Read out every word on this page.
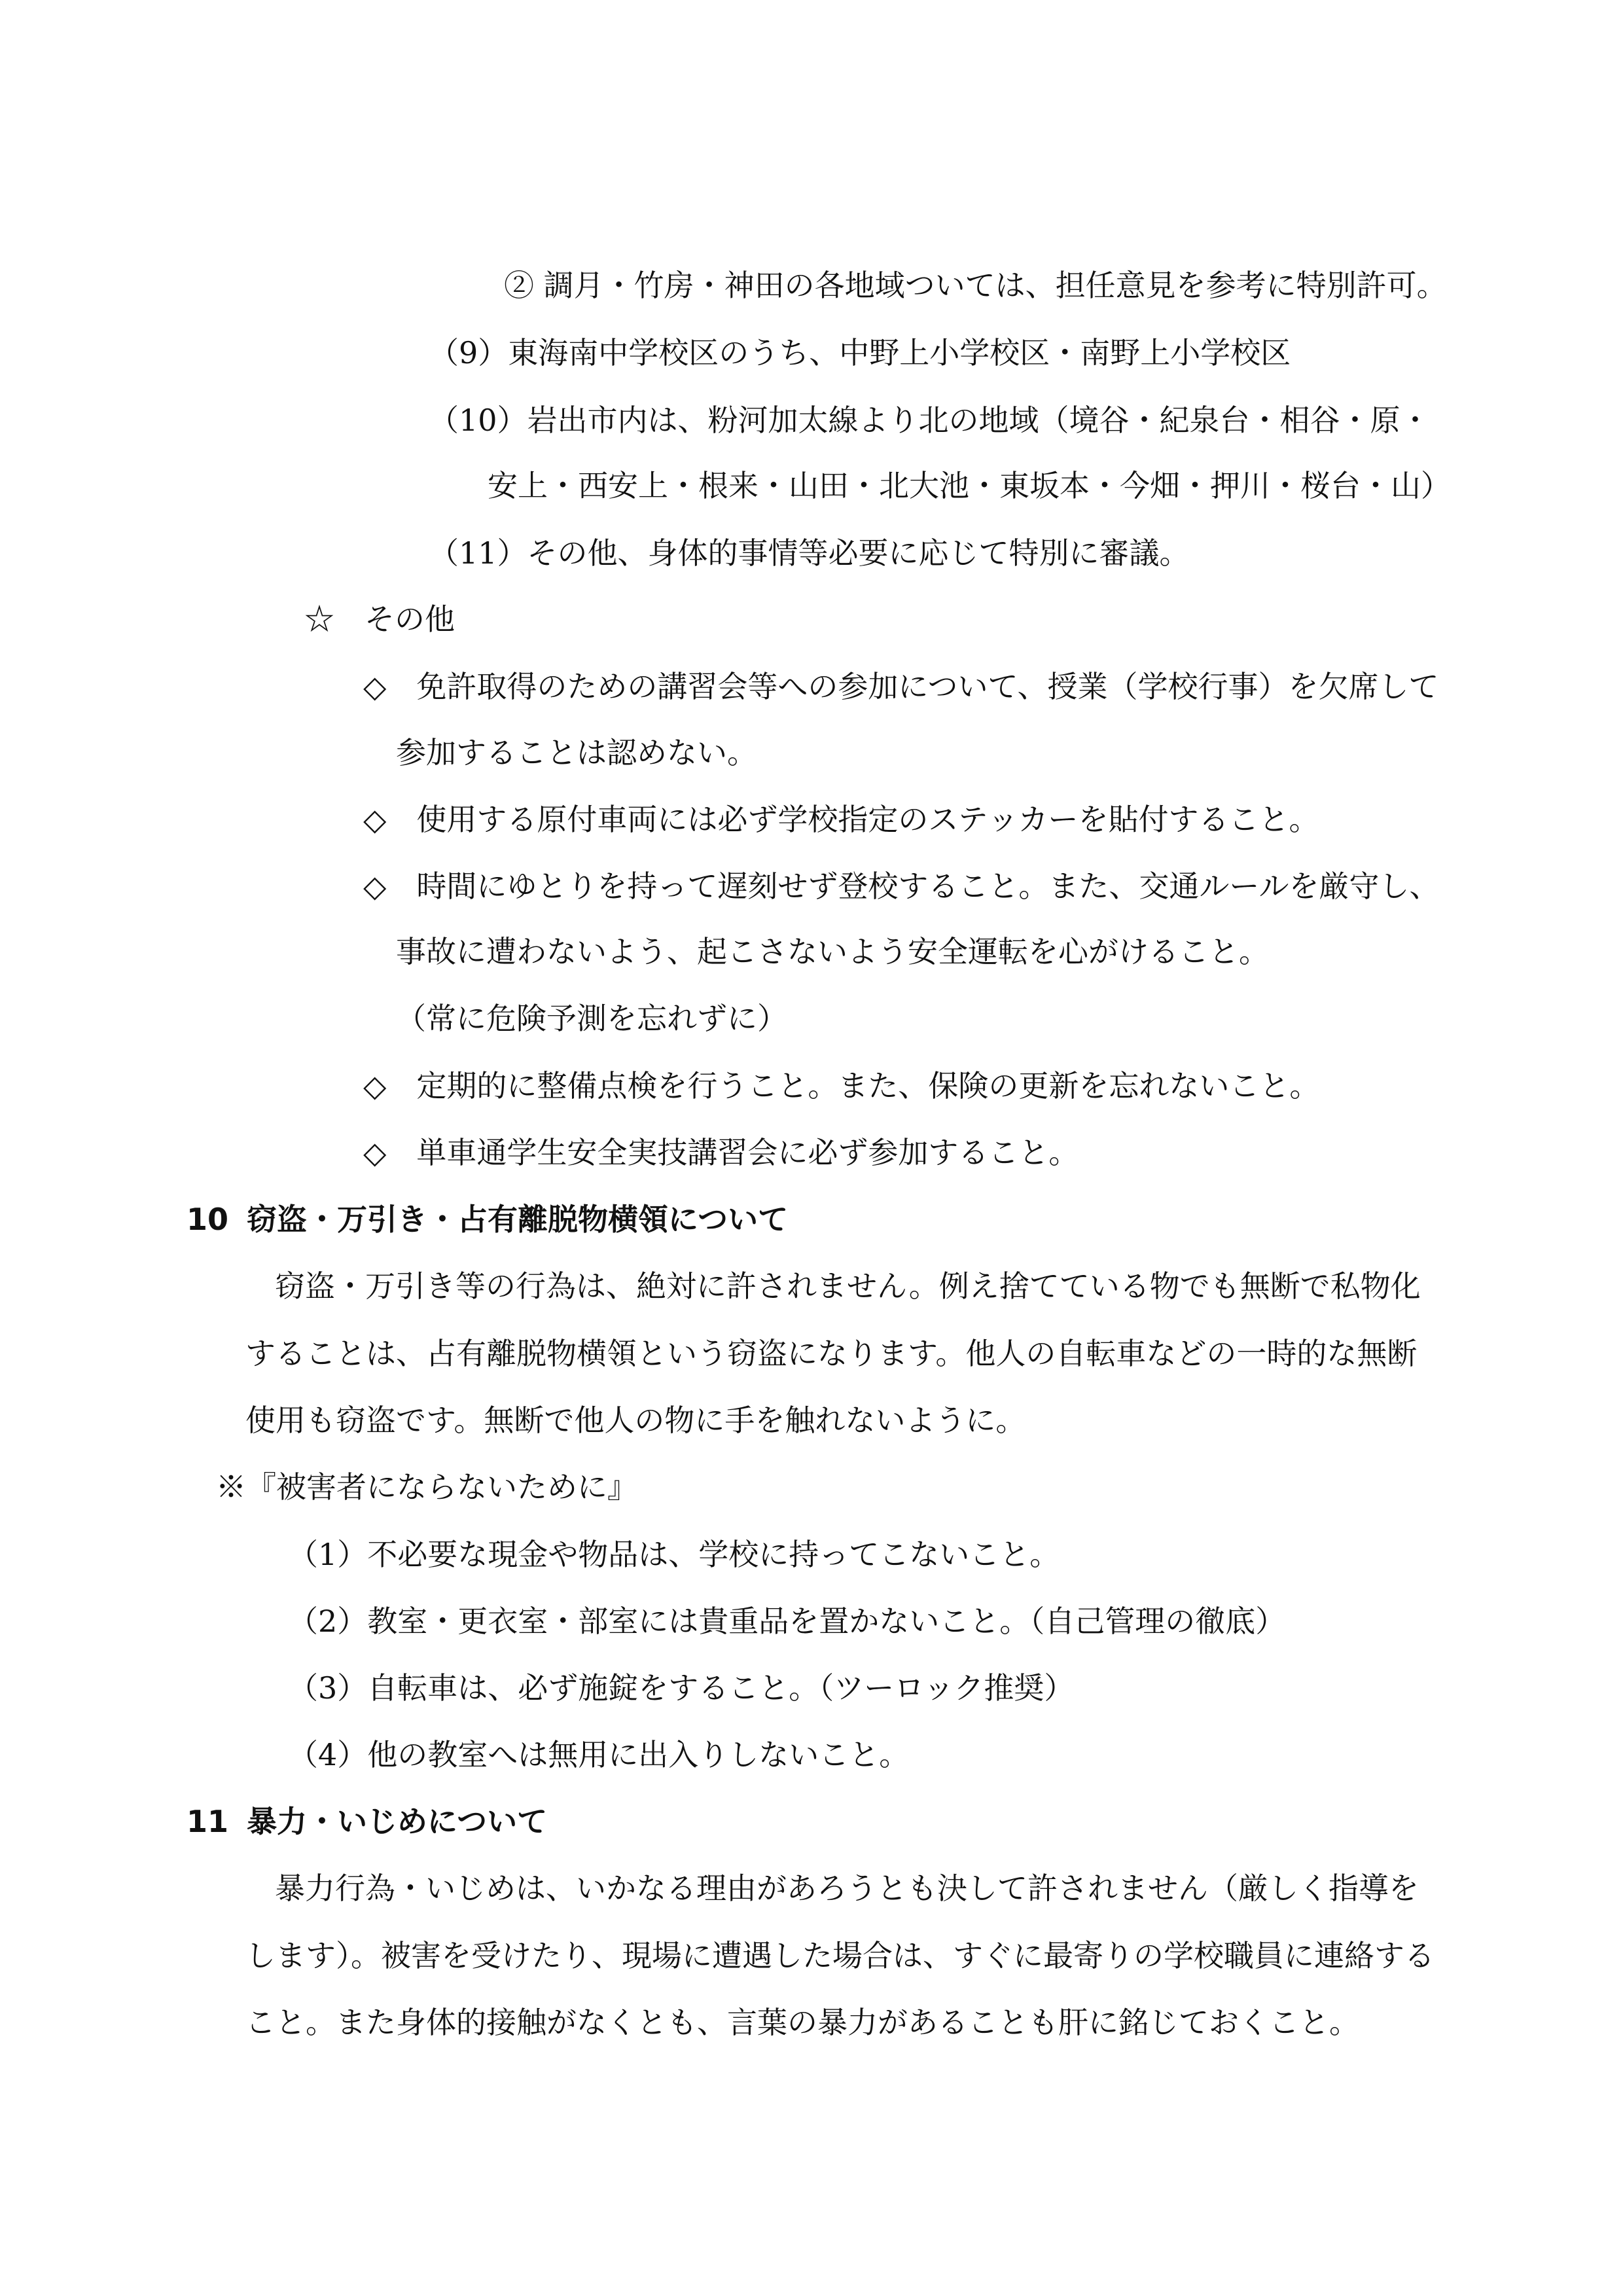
② 調月・竹房・神田の各地域ついては、担任意見を参考に特別許可。
（9）東海南中学校区のうち、中野上小学校区・南野上小学校区
（10）岩出市内は、粉河加太線より北の地域（境谷・紀泉台・相谷・原・
安上・西安上・根来・山田・北大池・東坂本・今畑・押川・桜台・山）
（11）その他、身体的事情等必要に応じて特別に審議。
☆　その他
◇　免許取得のための講習会等への参加について、授業（学校行事）を欠席して
参加することは認めない。
◇　使用する原付車両には必ず学校指定のステッカーを貼付すること。
◇　時間にゆとりを持って遅刻せず登校すること。また、交通ルールを厳守し、
事故に遭わないよう、起こさないよう安全運転を心がけること。
（常に危険予測を忘れずに）
◇　定期的に整備点検を行うこと。また、保険の更新を忘れないこと。
◇　単車通学生安全実技講習会に必ず参加すること。
10 窃盗・万引き・占有離脱物横領について
窃盗・万引き等の行為は、絶対に許されません。例え捨てている物でも無断で私物化
することは、占有離脱物横領という窃盗になります。他人の自転車などの一時的な無断
使用も窃盗です。無断で他人の物に手を触れないように。
※『被害者にならないために』
（1）不必要な現金や物品は、学校に持ってこないこと。
（2）教室・更衣室・部室には貴重品を置かないこと。（自己管理の徹底）
（3）自転車は、必ず施錠をすること。（ツーロック推奨）
（4）他の教室へは無用に出入りしないこと。
11 暴力・いじめについて
暴力行為・いじめは、いかなる理由があろうとも決して許されません（厳しく指導を
します）。被害を受けたり、現場に遭遇した場合は、すぐに最寄りの学校職員に連絡する
こと。また身体的接触がなくとも、言葉の暴力があることも肝に銘じておくこと。
